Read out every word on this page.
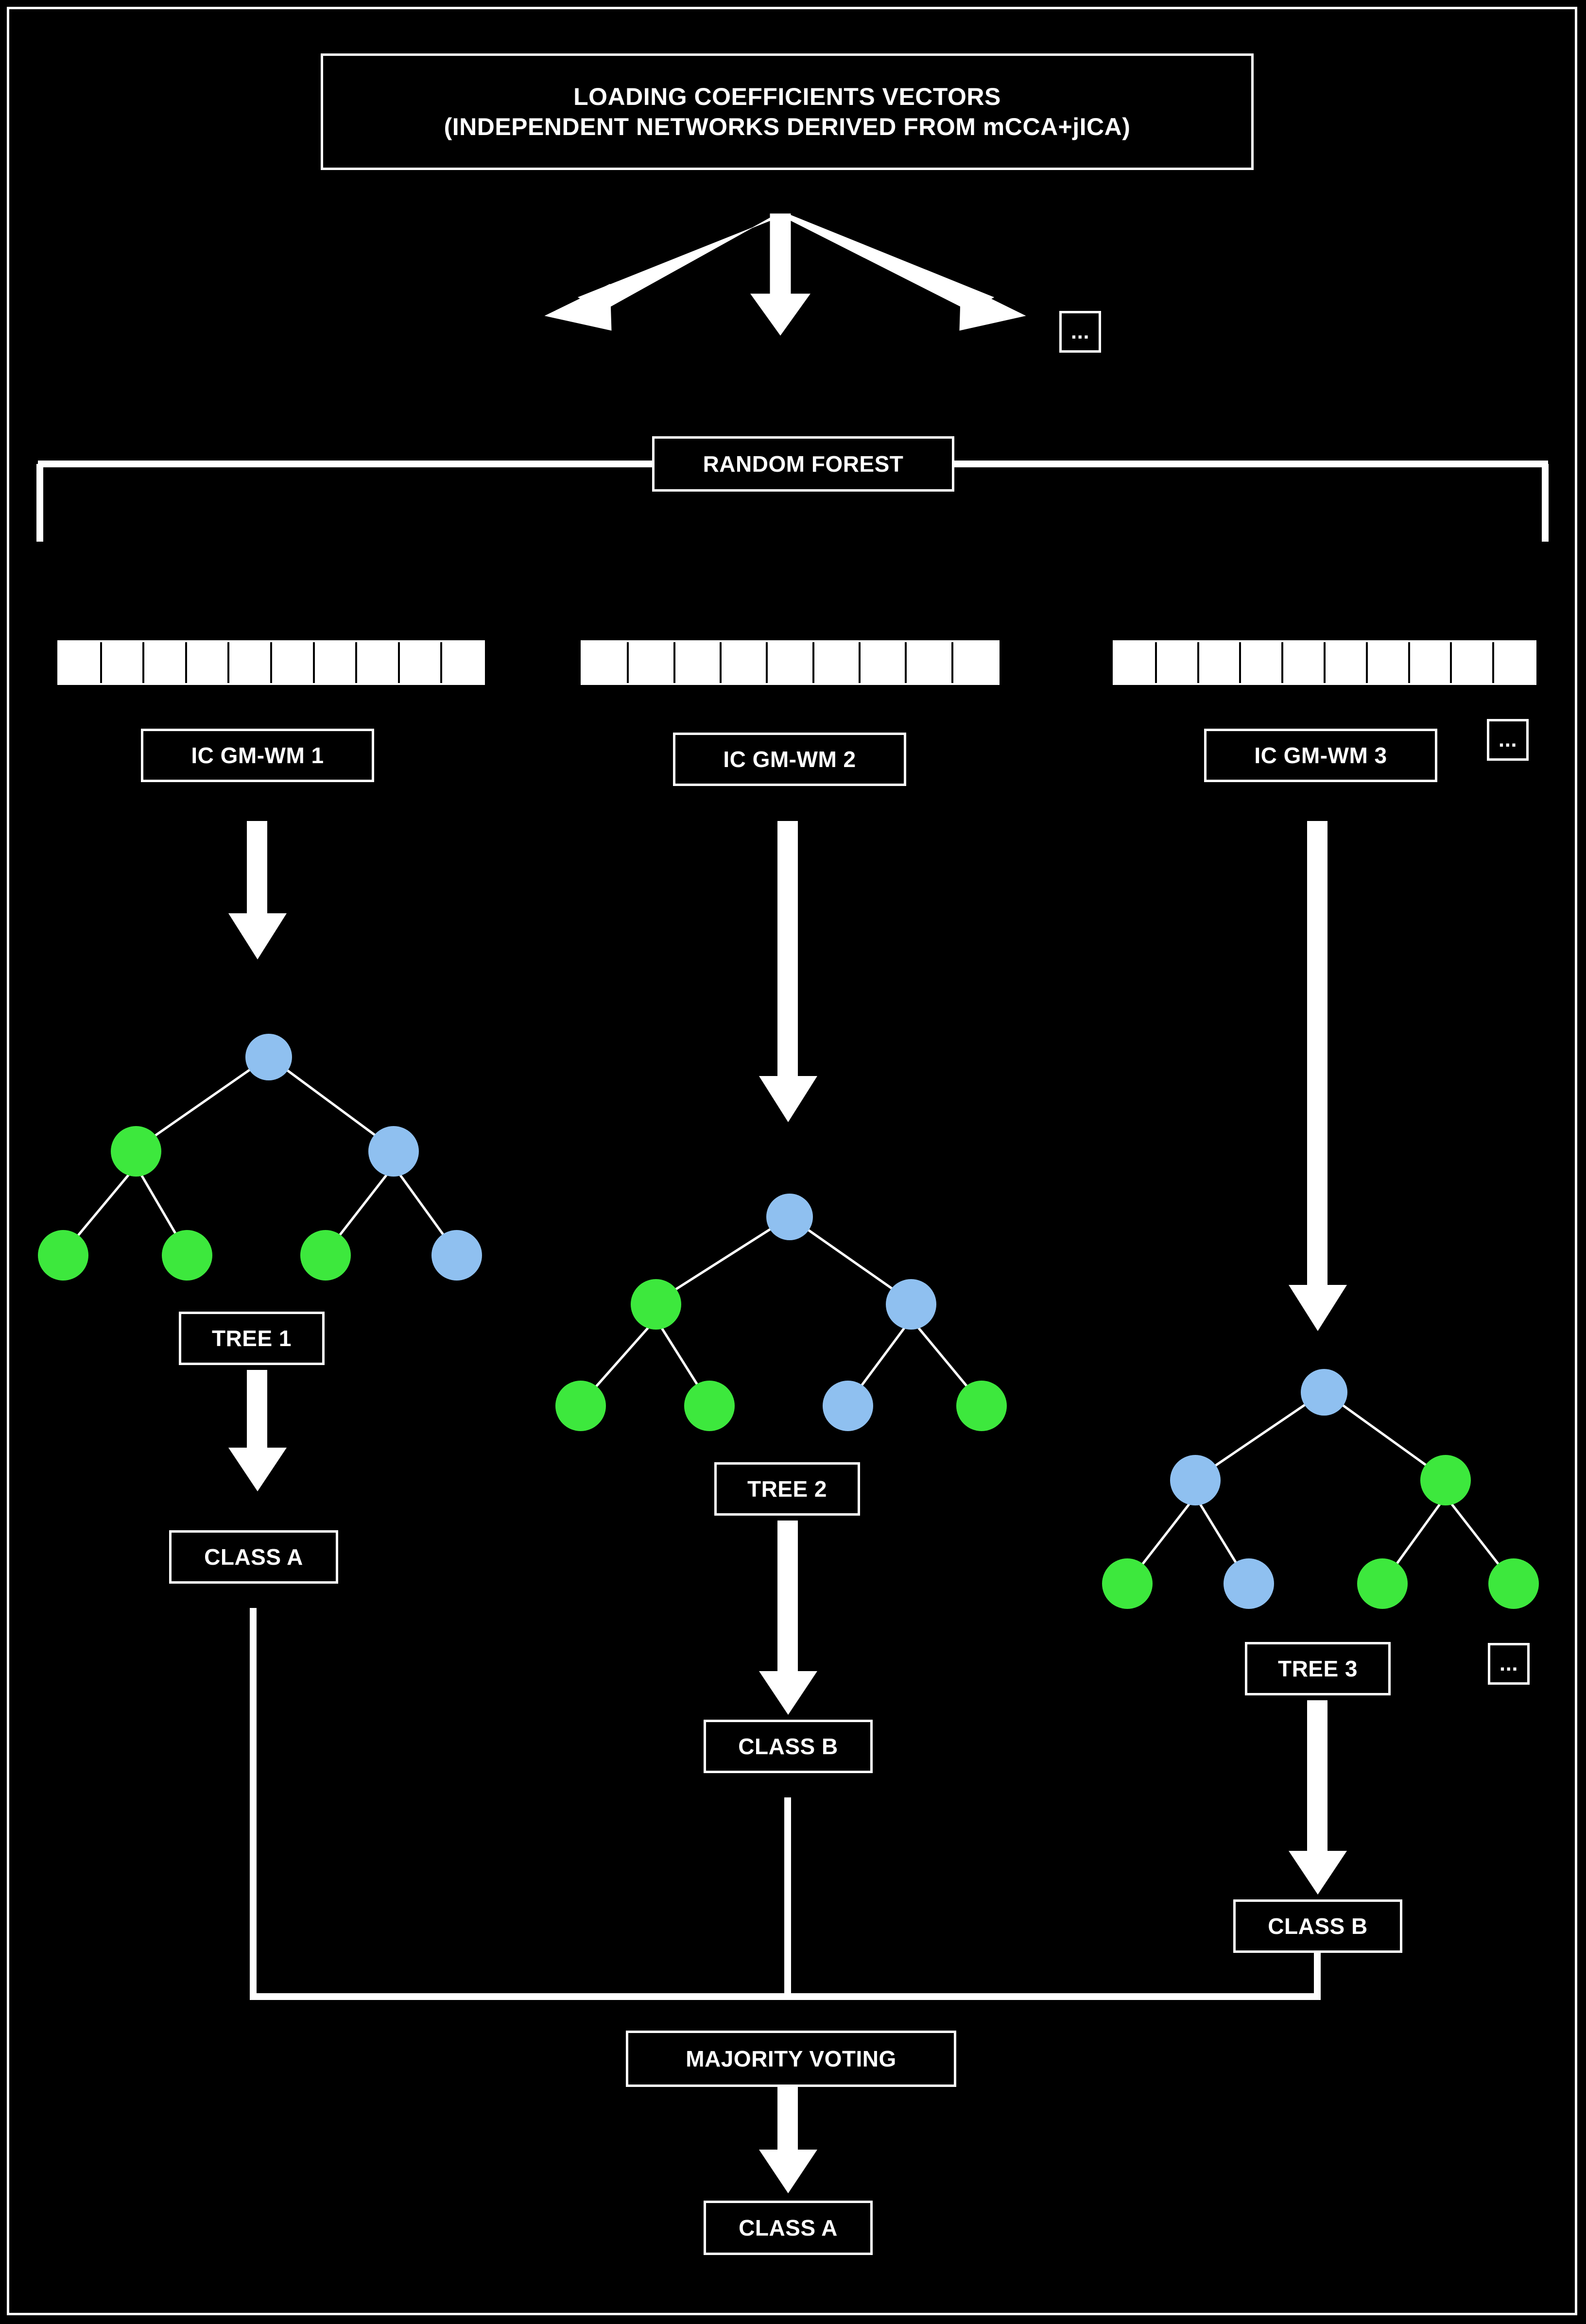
LOADING COEFFICIENTS VECTORS
(INDEPENDENT NETWORKS DERIVED FROM mCCA+jICA)
...
RANDOM FOREST
IC GM-WM 1	IC GM-WM 2	IC GM-WM 3
...
TREE 1
TREE 2
TREE 3	...
CLASS A
CLASS B
CLASS B
MAJORITY VOTING
CLASS A
